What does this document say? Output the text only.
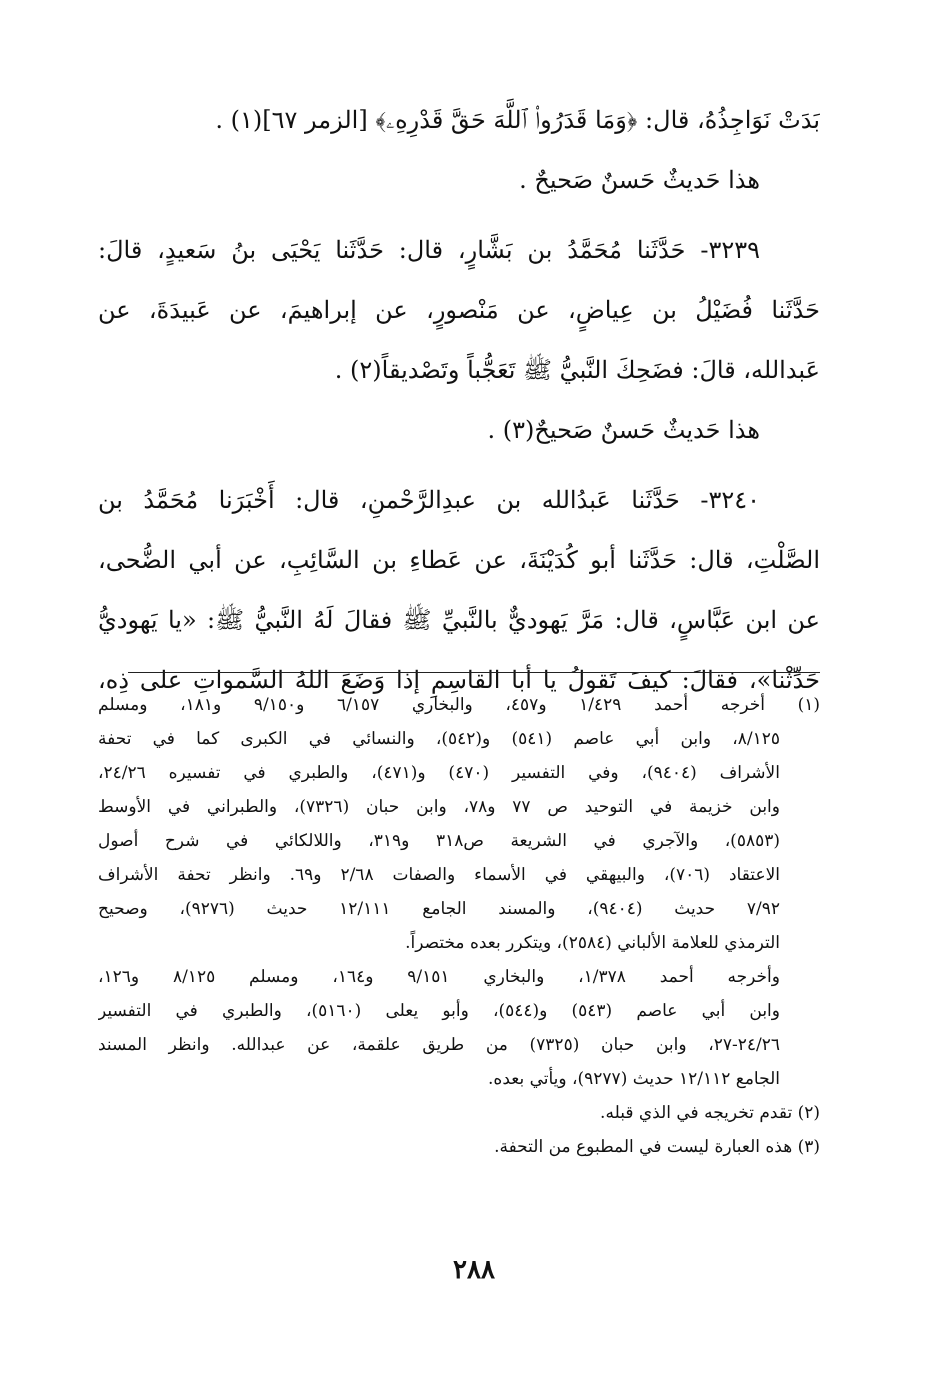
بَدَتْ نَوَاجِذُهُ، قال: ﴿وَمَا قَدَرُوا۟ ٱللَّهَ حَقَّ قَدْرِهِۦ﴾ [الزمر ٦٧](١) .
هذا حَديثٌ حَسنٌ صَحيحٌ .
٣٢٣٩- حَدَّثَنا مُحَمَّدُ بن بَشَّارٍ، قال: حَدَّثَنا يَحْيَى بنُ سَعيدٍ، قالَ:
حَدَّثَنا فُضَيْلُ بن عِياضٍ، عن مَنْصورٍ، عن إبراهيمَ، عن عَبيدَةَ، عن
عَبدالله، قالَ: فضَحِكَ النَّبيُّ ﷺ تَعَجُّباً وتَصْديقاً(٢) .
هذا حَديثٌ حَسنٌ صَحيحٌ(٣) .
٣٢٤٠- حَدَّثَنا عَبدُالله بن عبدِالرَّحْمنِ، قال: أَخْبَرَنا مُحَمَّدُ بن
الصَّلْتِ، قال: حَدَّثَنا أبو كُدَيْنَةَ، عن عَطاءِ بن السَّائِبِ، عن أبي الضُّحى،
عن ابن عَبَّاسٍ، قال: مَرَّ يَهوديٌّ بالنَّبيِّ ﷺ فقالَ لَهُ النَّبيُّ ﷺ: «يا يَهوديُّ
حَدِّثْنا»، فقالَ: كيفَ تَقولُ يا أبا القاسِمِ إذا وَضَعَ اللهُ السَّمواتِ على ذِه،
(١) أخرجه أحمد ١/٤٢٩ و٤٥٧، والبخاري ٦/١٥٧ و٩/١٥٠ و١٨١، ومسلم
٨/١٢٥، وابن أبي عاصم (٥٤١) و(٥٤٢)، والنسائي في الكبرى كما في تحفة
الأشراف (٩٤٠٤)، وفي التفسير (٤٧٠) و(٤٧١)، والطبري في تفسيره ٢٤/٢٦،
وابن خزيمة في التوحيد ص ٧٧ و٧٨، وابن حبان (٧٣٢٦)، والطبراني في الأوسط
(٥٨٥٣)، والآجري في الشريعة ص٣١٨ و٣١٩، واللالكائي في شرح أصول
الاعتقاد (٧٠٦)، والبيهقي في الأسماء والصفات ٢/٦٨ و٦٩. وانظر تحفة الأشراف
٧/٩٢ حديث (٩٤٠٤)، والمسند الجامع ١٢/١١١ حديث (٩٢٧٦)، وصحيح
الترمذي للعلامة الألباني (٢٥٨٤)، ويتكرر بعده مختصراً.
وأخرجه أحمد ١/٣٧٨، والبخاري ٩/١٥١ و١٦٤، ومسلم ٨/١٢٥ و١٢٦،
وابن أبي عاصم (٥٤٣) و(٥٤٤)، وأبو يعلى (٥١٦٠)، والطبري في التفسير
٢٤/٢٦-٢٧، وابن حبان (٧٣٢٥) من طريق علقمة، عن عبدالله. وانظر المسند
الجامع ١٢/١١٢ حديث (٩٢٧٧)، ويأتي بعده.
(٢) تقدم تخريجه في الذي قبله.
(٣) هذه العبارة ليست في المطبوع من التحفة.
٢٨٨
